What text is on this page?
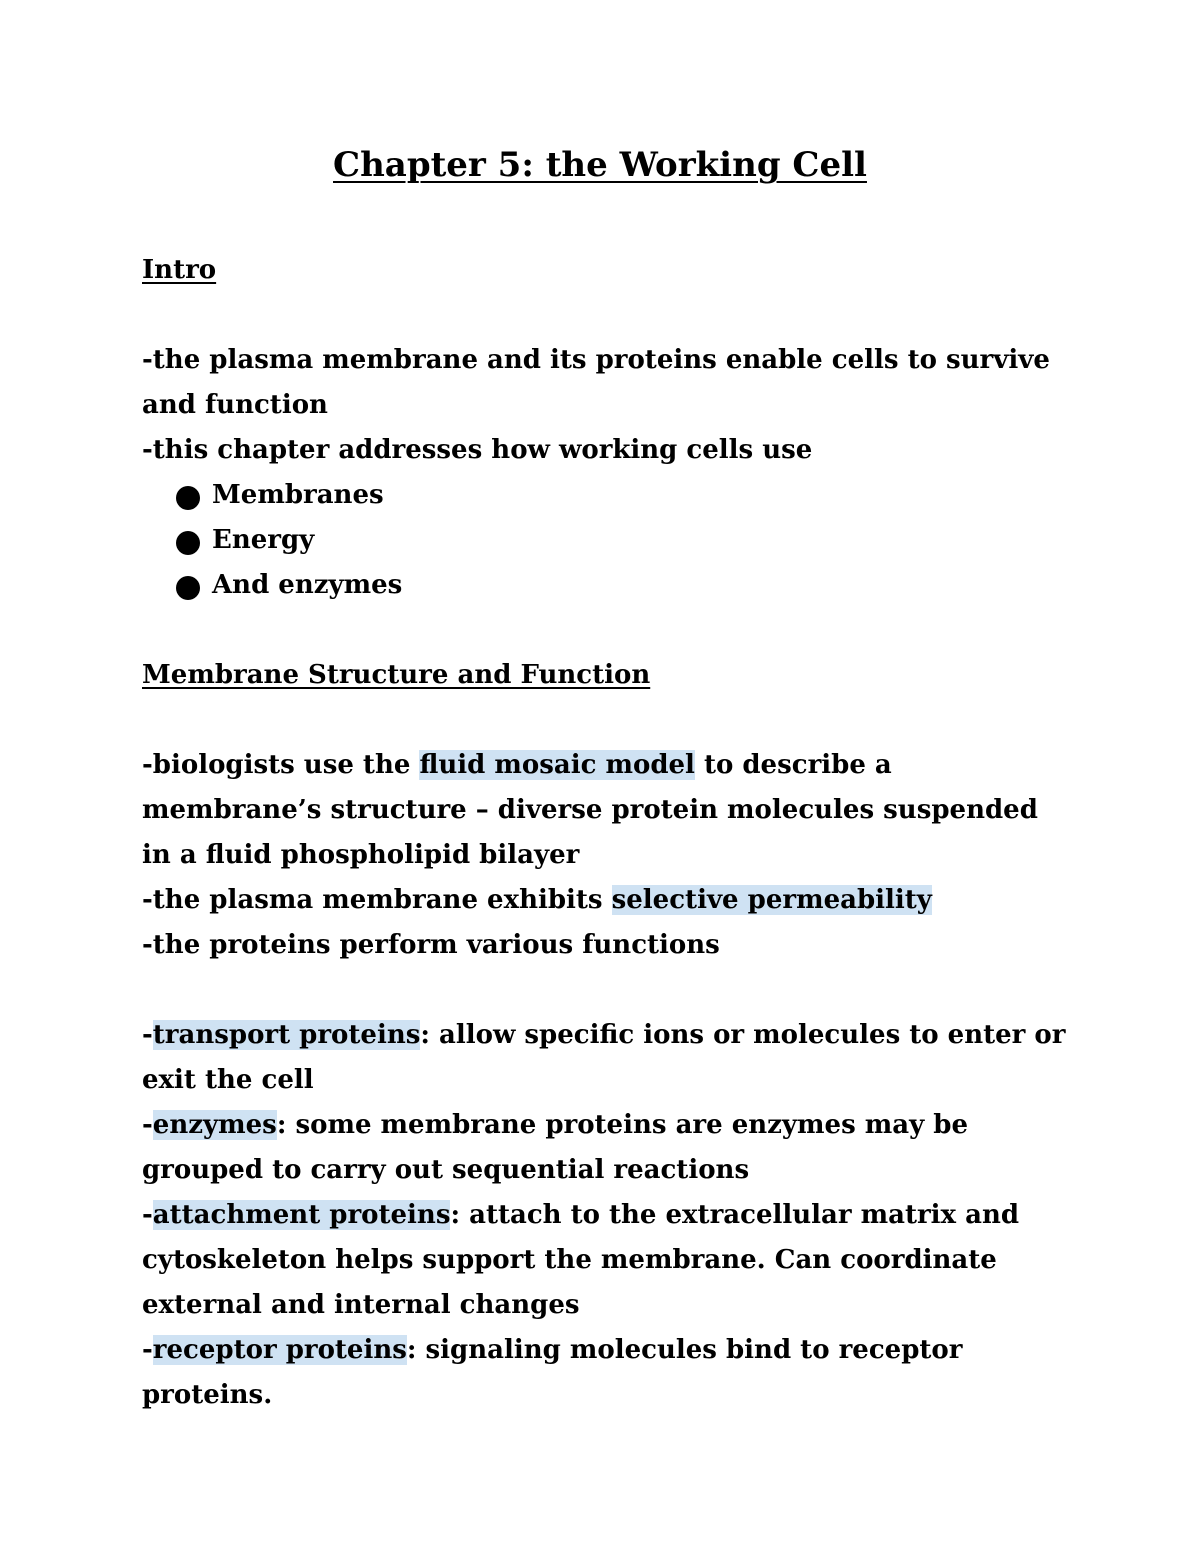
Chapter 5: the Working Cell

Intro

-the plasma membrane and its proteins enable cells to survive and function

-this chapter addresses how working cells use

Membranes
Energy
And enzymes

Membrane Structure and Function

-biologists use the fluid mosaic model to describe a membrane’s structure – diverse protein molecules suspended in a fluid phospholipid bilayer

-the plasma membrane exhibits selective permeability

-the proteins perform various functions

-transport proteins: allow specific ions or molecules to enter or exit the cell

-enzymes: some membrane proteins are enzymes may be grouped to carry out sequential reactions

-attachment proteins: attach to the extracellular matrix and cytoskeleton helps support the membrane. Can coordinate external and internal changes

-receptor proteins: signaling molecules bind to receptor proteins.
